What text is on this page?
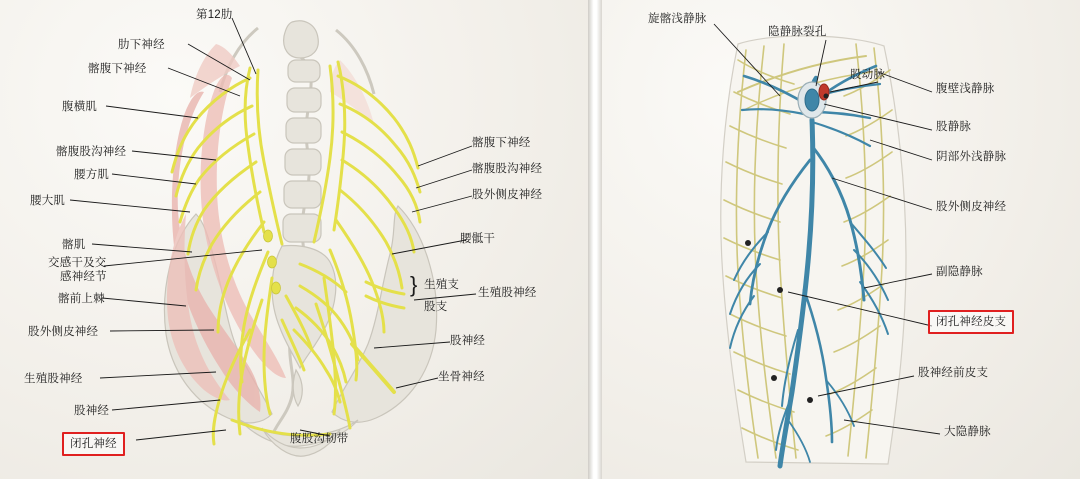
第12肋
肋下神经
髂腹下神经
腹横肌
髂腹股沟神经
腰方肌
腰大肌
髂肌
交感干及交
感神经节
髂前上棘
股外侧皮神经
生殖股神经
股神经
闭孔神经	腹股沟韧带
坐骨神经
股神经
生殖股神经
生殖支
股支
}
腰骶干
股外侧皮神经
髂腹股沟神经
髂腹下神经
旋髂浅静脉
隐静脉裂孔
股动脉
腹壁浅静脉
股静脉
阴部外浅静脉
股外侧皮神经
副隐静脉
闭孔神经皮支
股神经前皮支
大隐静脉
